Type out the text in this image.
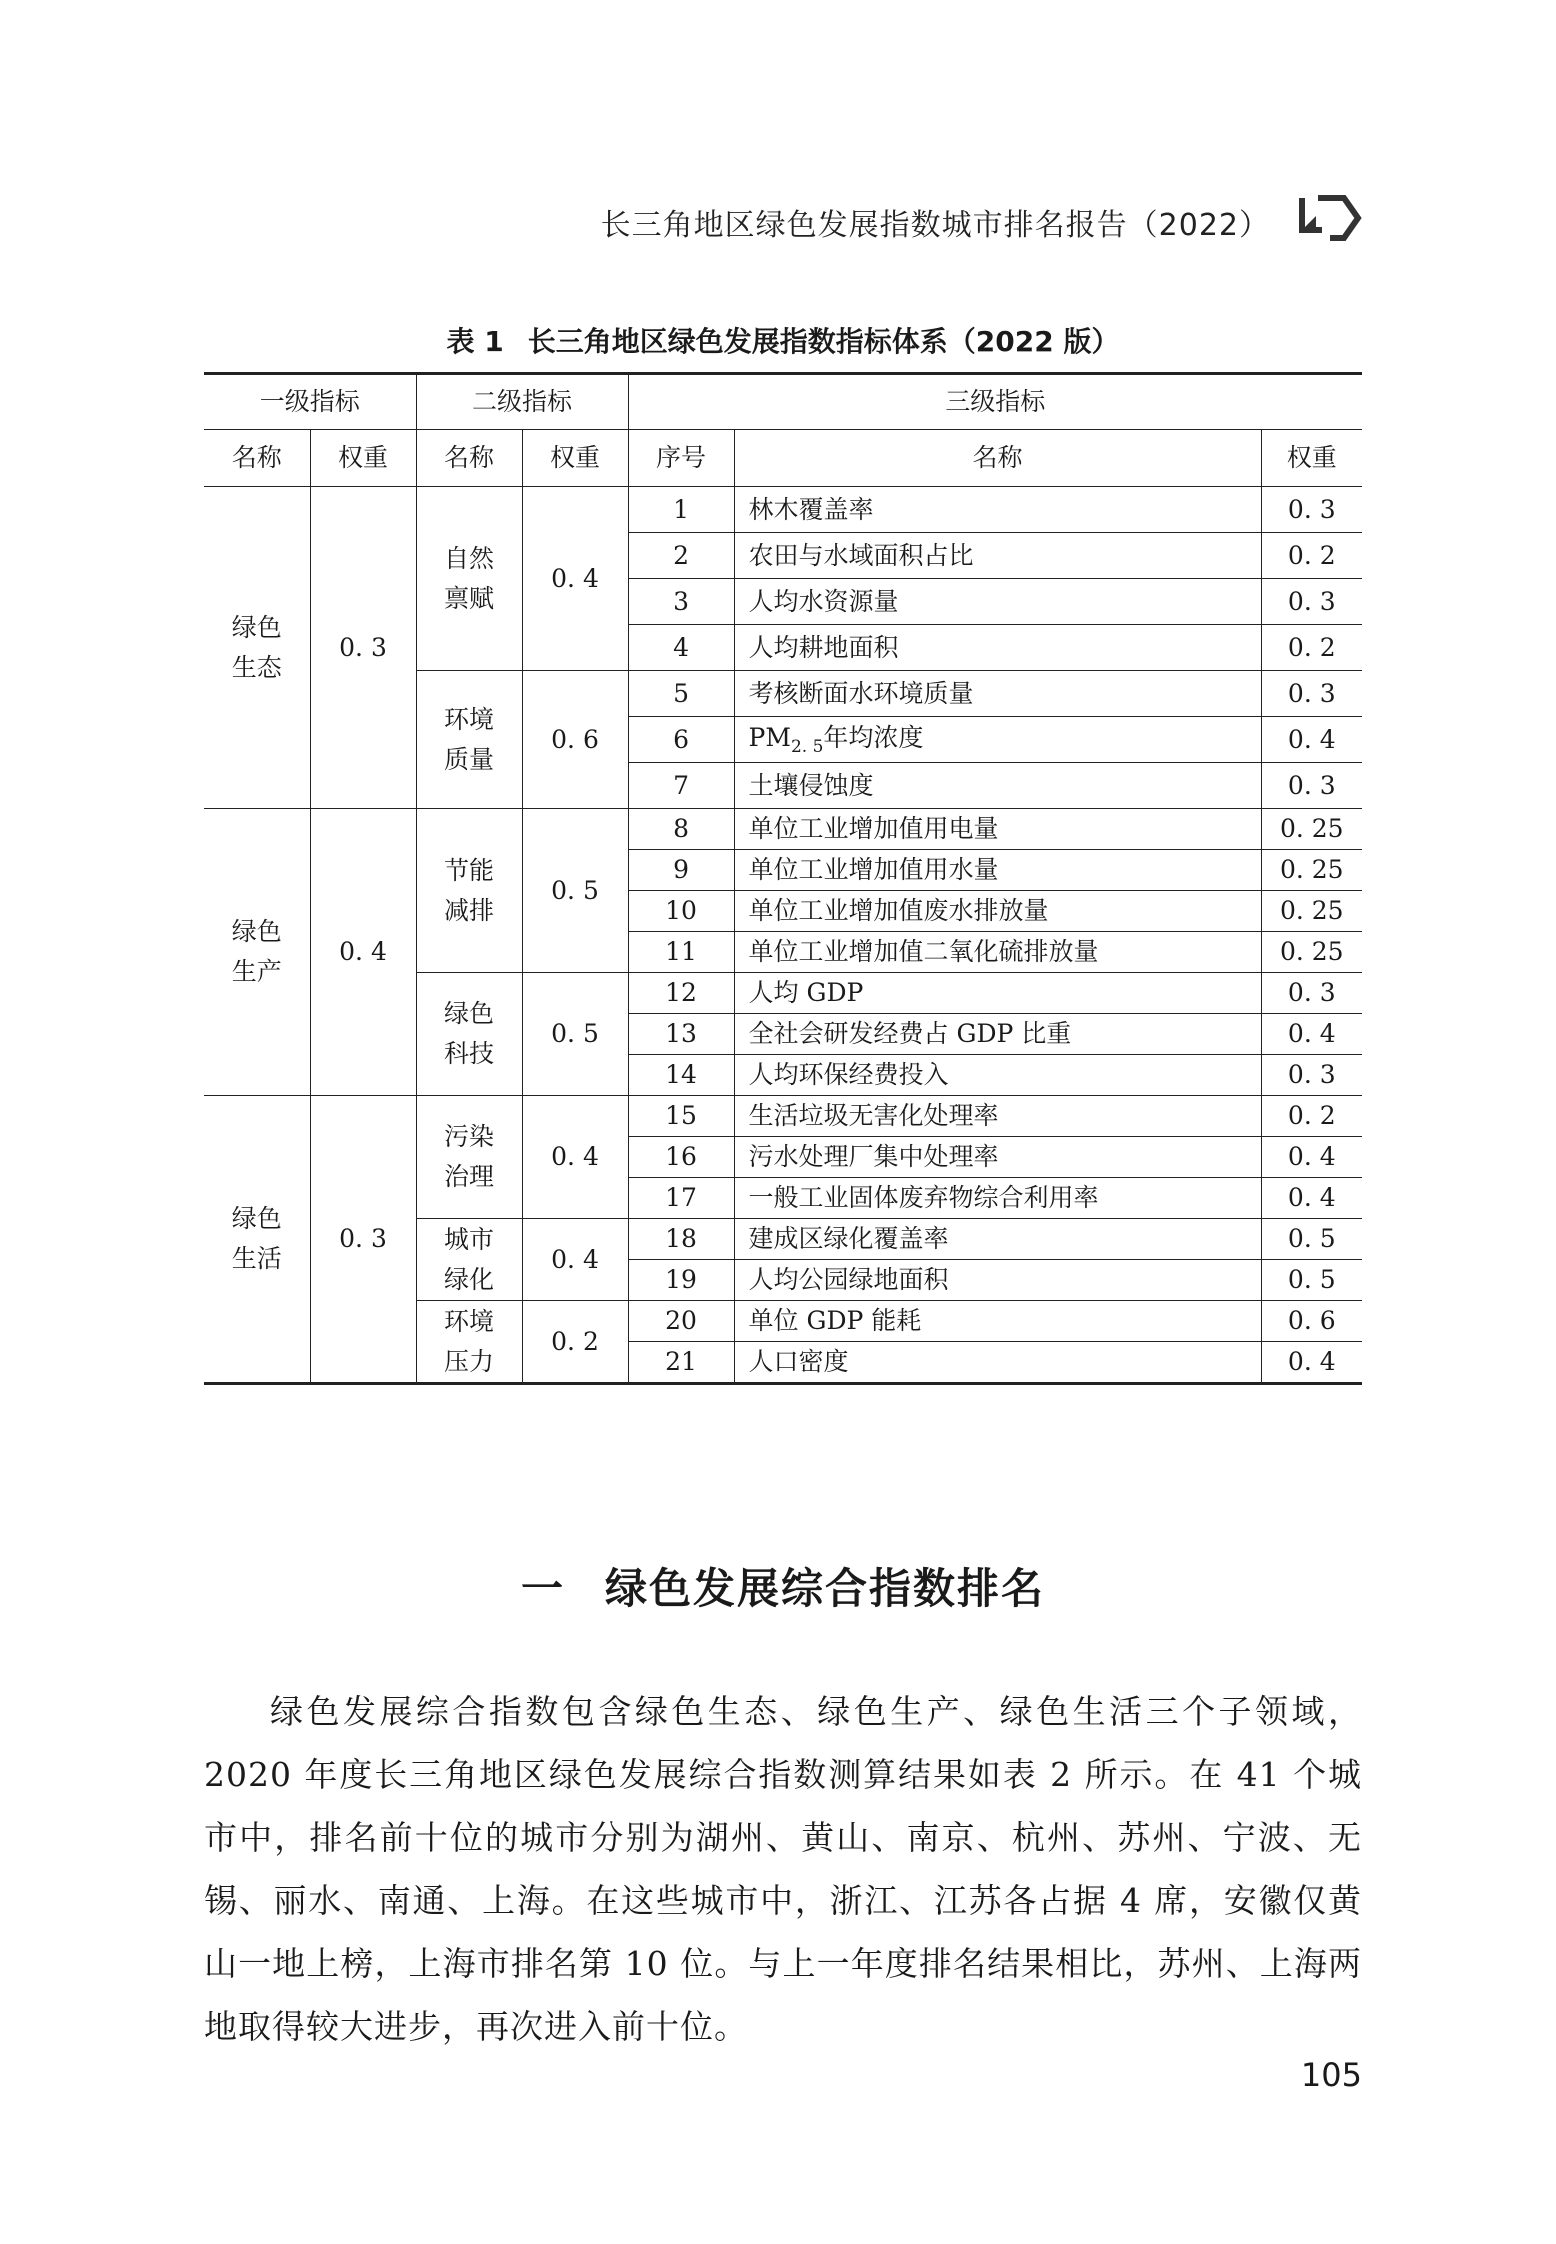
长三角地区绿色发展指数城市排名报告（2022）
表 1 长三角地区绿色发展指数指标体系（2022 版）
一级指标		二级指标		三级指标		
名称	权重	名称	权重	序号	名称	权重
绿色生态	0. 3	自然禀赋	0. 4	1	林木覆盖率	0. 3
				2	农田与水域面积占比	0. 2
				3	人均水资源量	0. 3
				4	人均耕地面积	0. 2
		环境质量	0. 6	5	考核断面水环境质量	0. 3
				6	$PM_{2. 5}$年均浓度	0. 4
				7	土壤侵蚀度	0. 3
绿色生产	0. 4	节能减排	0. 5	8	单位工业增加值用电量	0. 25
				9	单位工业增加值用水量	0. 25
				10	单位工业增加值废水排放量	0. 25
				11	单位工业增加值二氧化硫排放量	0. 25
		绿色科技	0. 5	12	人均 GDP	0. 3
				13	全社会研发经费占 GDP 比重	0. 4
				14	人均环保经费投入	0. 3
绿色生活	0. 3	污染治理	0. 4	15	生活垃圾无害化处理率	0. 2
				16	污水处理厂集中处理率	0. 4
				17	一般工业固体废弃物综合利用率	0. 4
		城市绿化	0. 4	18	建成区绿化覆盖率	0. 5
				19	人均公园绿地面积	0. 5
		环境压力	0. 2	20	单位 GDP 能耗	0. 6
				21	人口密度	0. 4
一 绿色发展综合指数排名
绿色发展综合指数包含绿色生态、绿色生产、绿色生活三个子领域，2020 年度长三角地区绿色发展综合指数测算结果如表 2 所示。在 41 个城市中，排名前十位的城市分别为湖州、黄山、南京、杭州、苏州、宁波、无锡、丽水、南通、上海。在这些城市中，浙江、江苏各占据 4 席，安徽仅黄山一地上榜，上海市排名第 10 位。与上一年度排名结果相比，苏州、上海两地取得较大进步，再次进入前十位。
105
